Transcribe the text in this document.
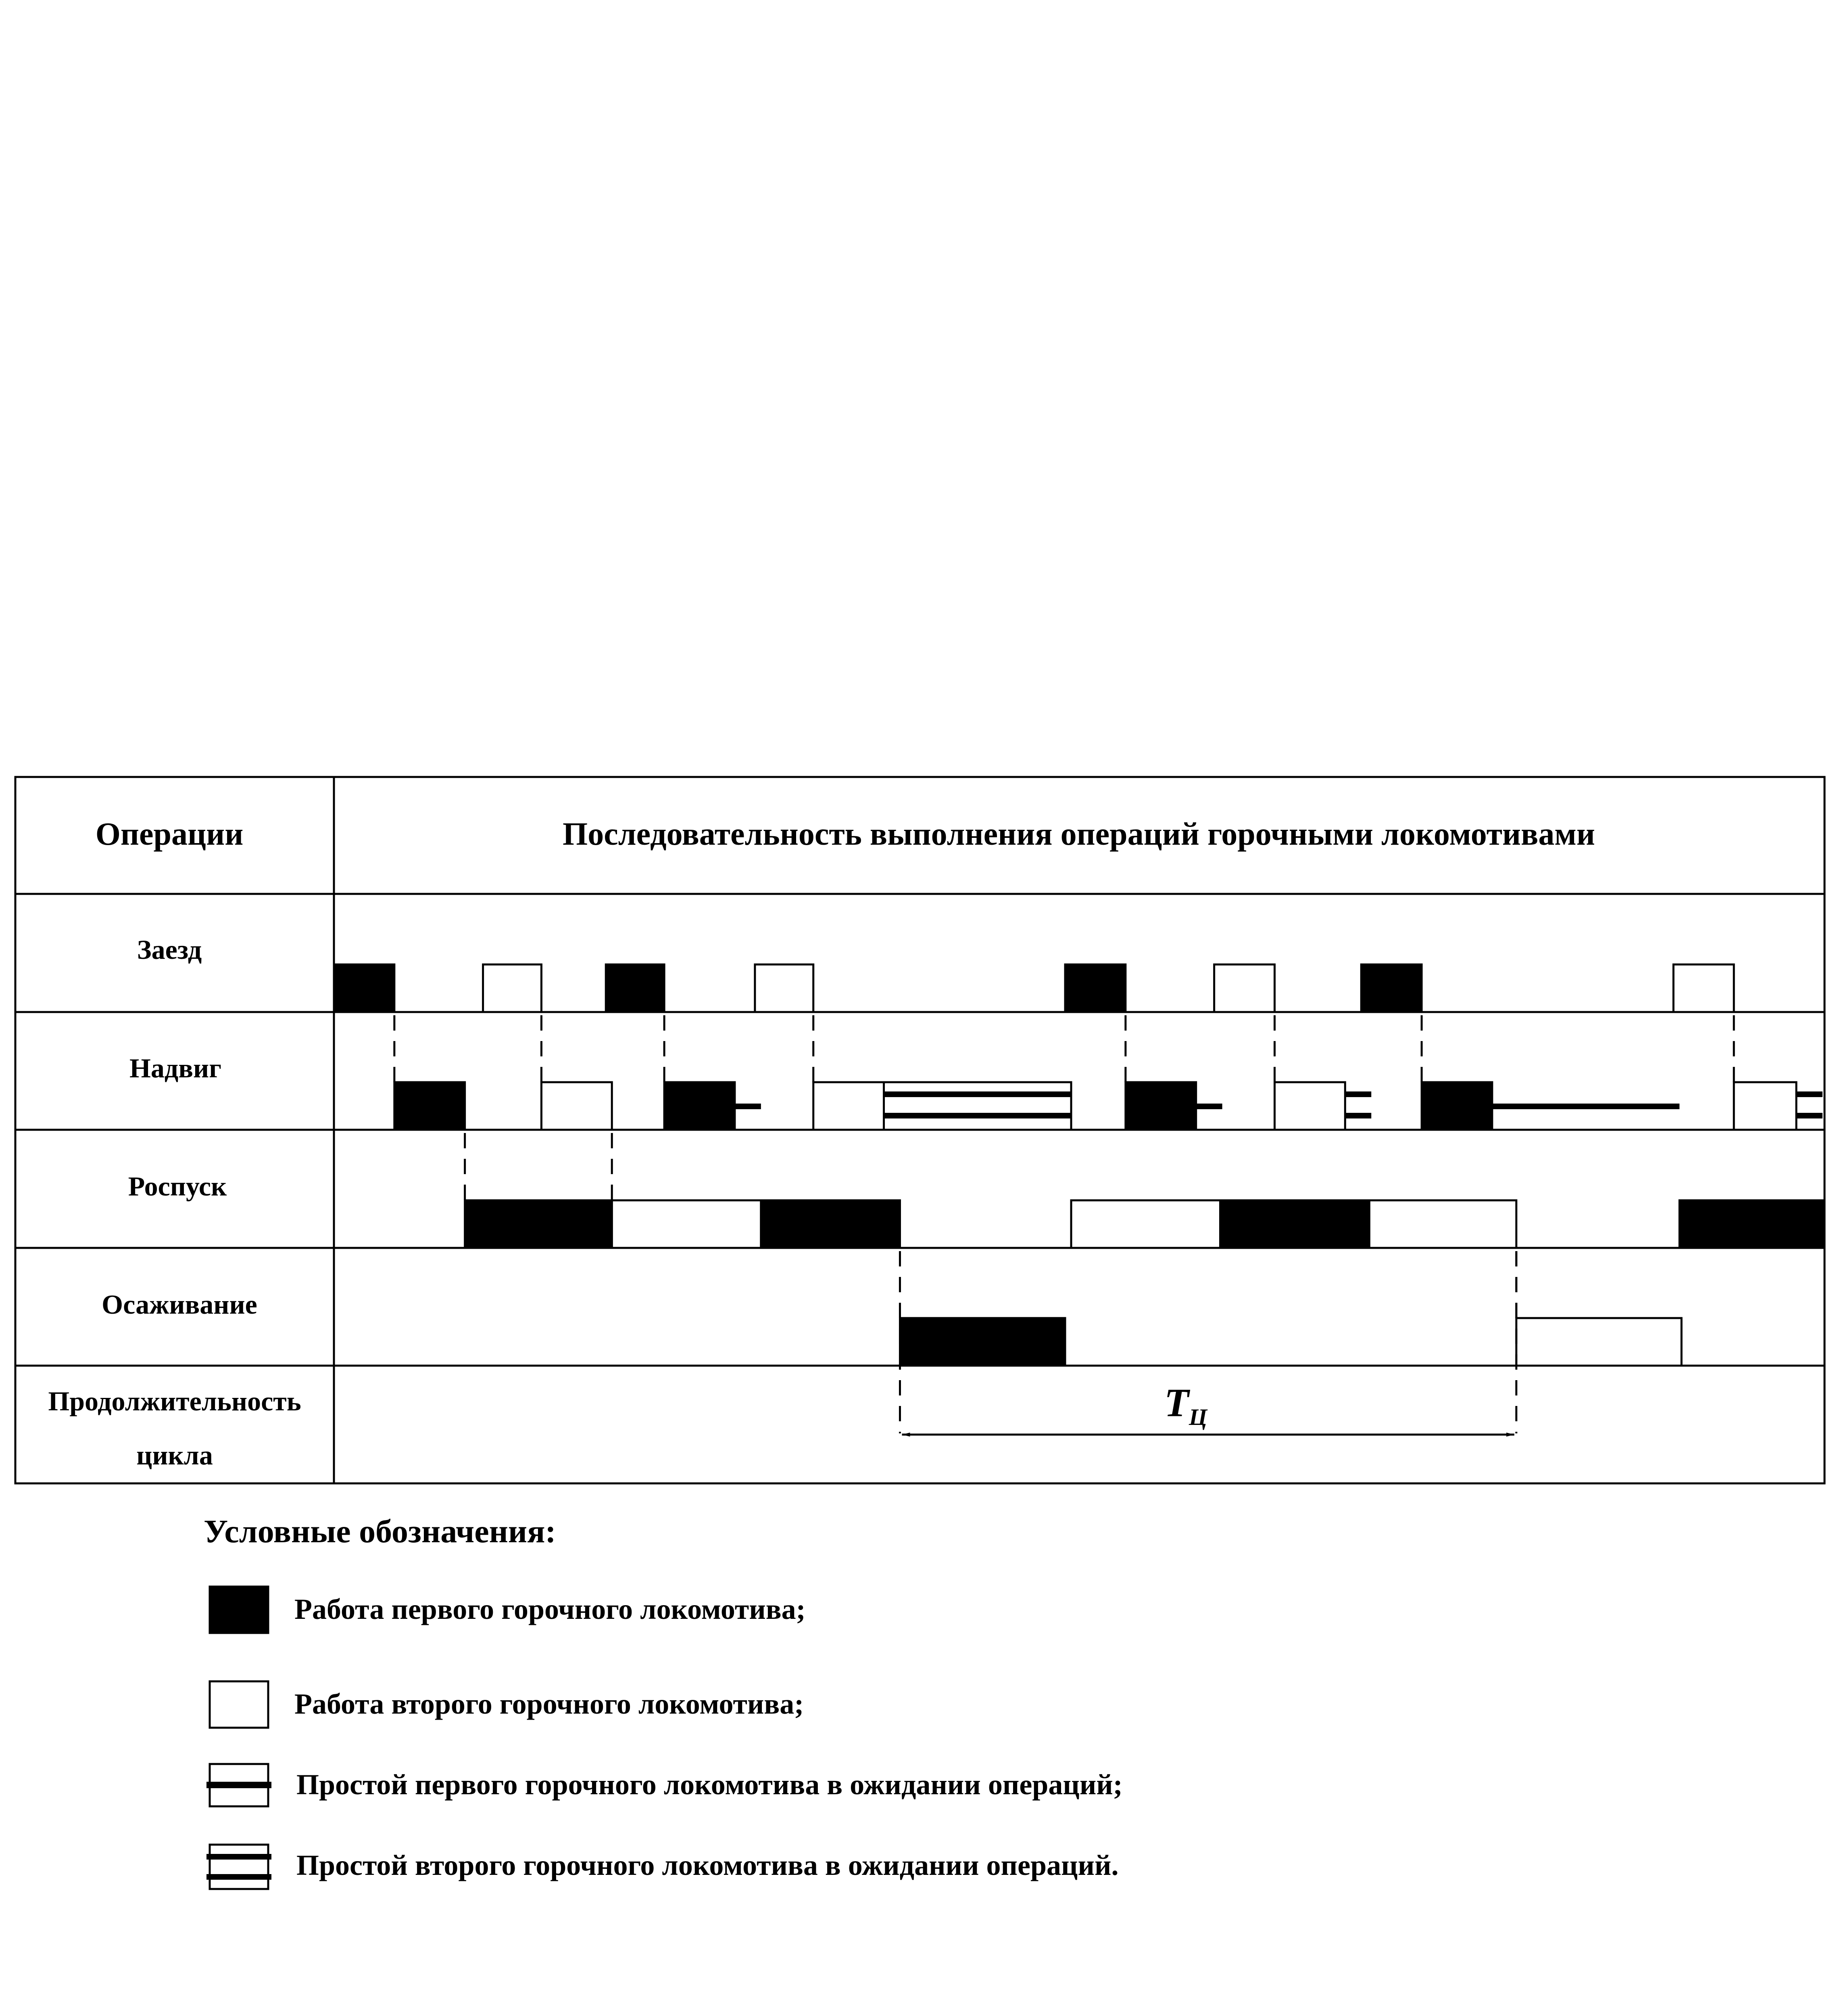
Операции	Последовательность выполнения операций горочными локомотивами
Заезд
Надвиг
Роспуск
Осаживание
Продолжительность
цикла
TЦ
Условные обозначения:
Работа первого горочного локомотива;
Работа второго горочного локомотива;
Простой первого горочного локомотива в ожидании операций;
Простой второго горочного локомотива в ожидании операций.
